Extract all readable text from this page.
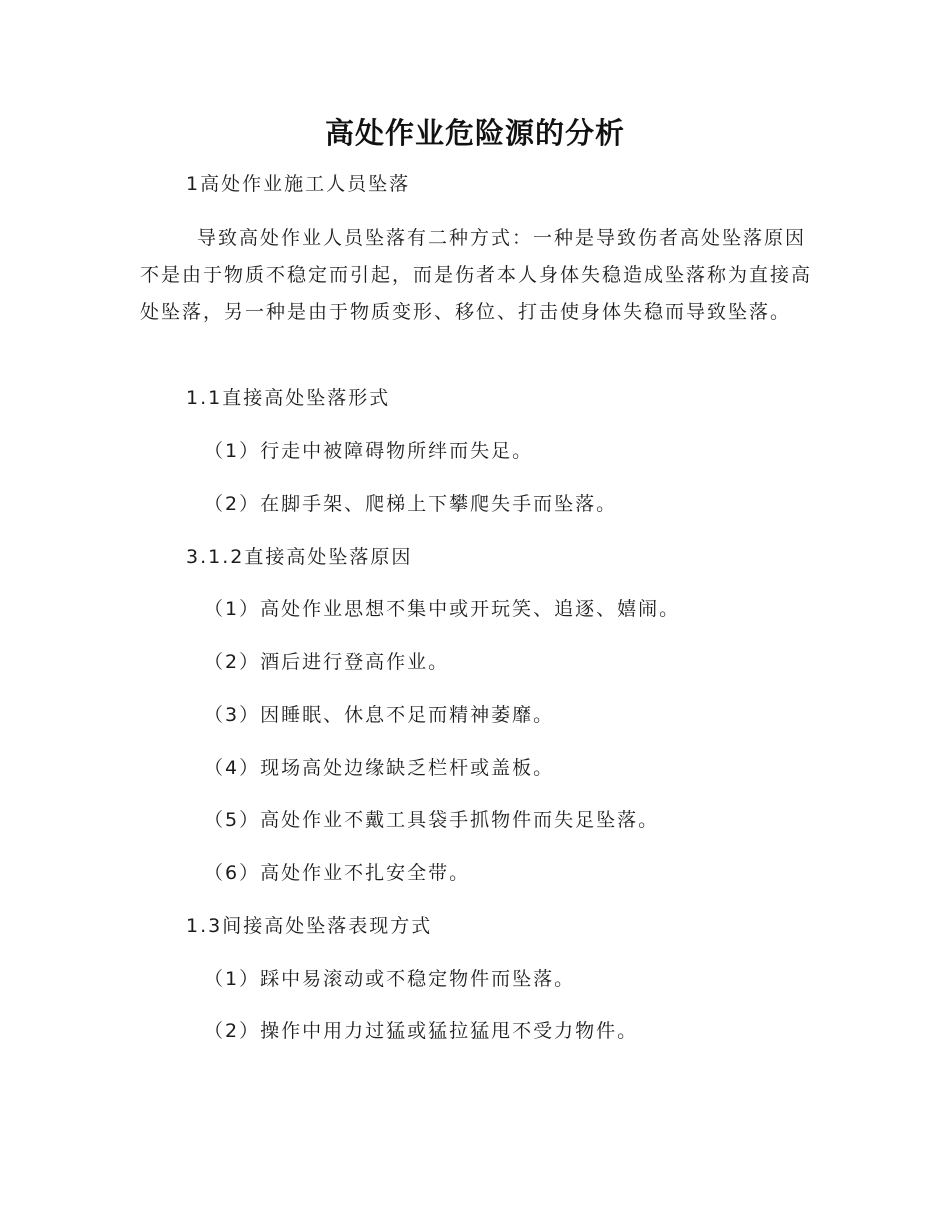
高处作业危险源的分析
1高处作业施工人员坠落
导致高处作业人员坠落有二种方式：一种是导致伤者高处坠落原因不是由于物质不稳定而引起，而是伤者本人身体失稳造成坠落称为直接高处坠落，另一种是由于物质变形、移位、打击使身体失稳而导致坠落。
1.1直接高处坠落形式
（1）行走中被障碍物所绊而失足。
（2）在脚手架、爬梯上下攀爬失手而坠落。
3.1.2直接高处坠落原因
（1）高处作业思想不集中或开玩笑、追逐、嬉闹。
（2）酒后进行登高作业。
（3）因睡眠、休息不足而精神萎靡。
（4）现场高处边缘缺乏栏杆或盖板。
（5）高处作业不戴工具袋手抓物件而失足坠落。
（6）高处作业不扎安全带。
1.3间接高处坠落表现方式
（1）踩中易滚动或不稳定物件而坠落。
（2）操作中用力过猛或猛拉猛甩不受力物件。
